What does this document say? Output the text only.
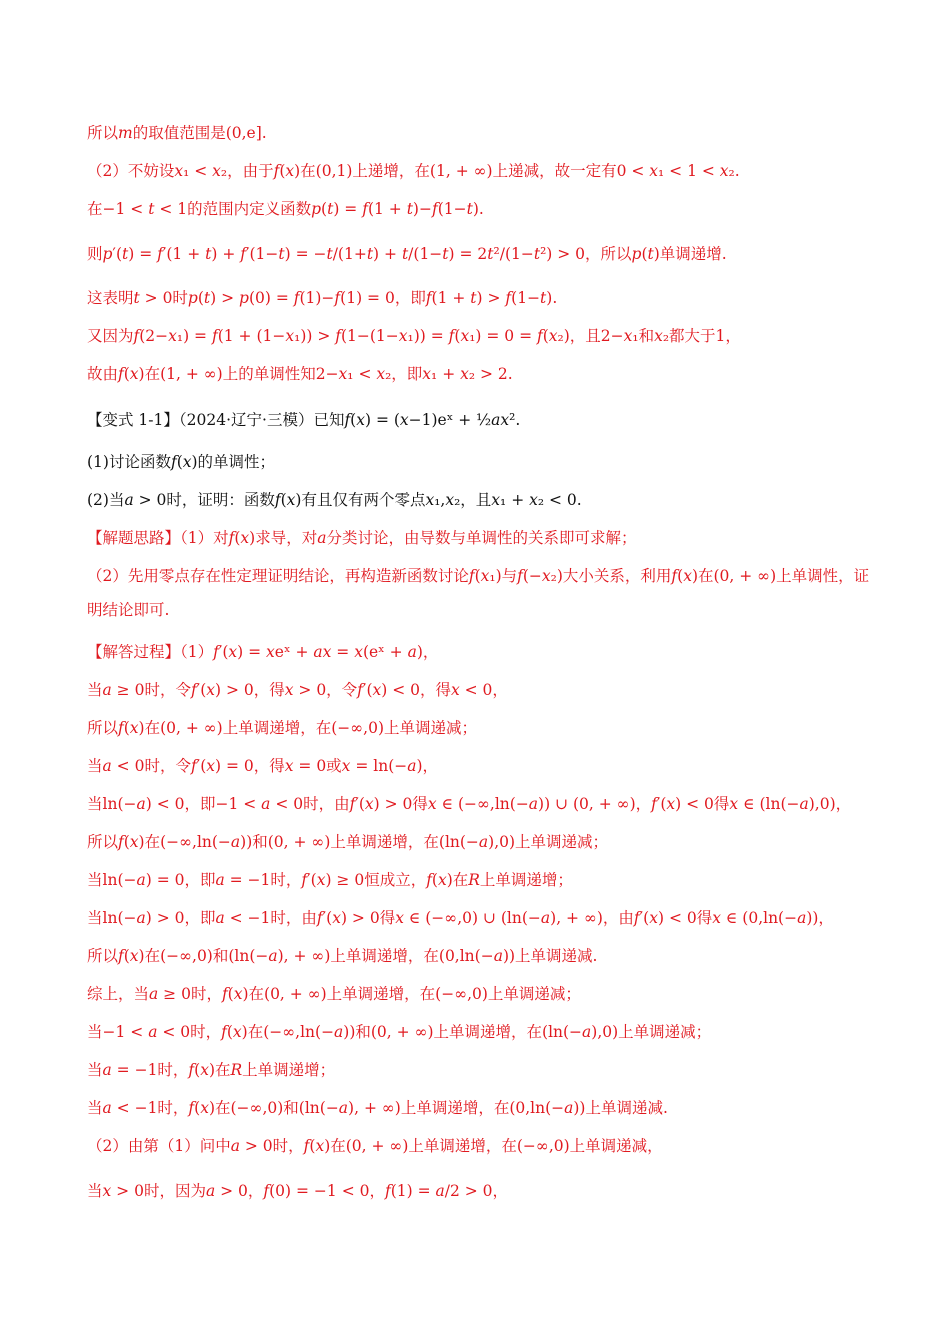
所以𝑚的取值范围是(0,e].
（2）不妨设𝑥₁ < 𝑥₂，由于𝑓(𝑥)在(0,1)上递增，在(1, + ∞)上递减，故一定有0 < 𝑥₁ < 1 < 𝑥₂.
在−1 < 𝑡 < 1的范围内定义函数𝑝(𝑡) = 𝑓(1 + 𝑡)−𝑓(1−𝑡).
则𝑝′(𝑡) = 𝑓′(1 + 𝑡) + 𝑓′(1−𝑡) = −𝑡/(1+𝑡) + 𝑡/(1−𝑡) = 2𝑡²/(1−𝑡²) > 0，所以𝑝(𝑡)单调递增.
这表明𝑡 > 0时𝑝(𝑡) > 𝑝(0) = 𝑓(1)−𝑓(1) = 0，即𝑓(1 + 𝑡) > 𝑓(1−𝑡).
又因为𝑓(2−𝑥₁) = 𝑓(1 + (1−𝑥₁)) > 𝑓(1−(1−𝑥₁)) = 𝑓(𝑥₁) = 0 = 𝑓(𝑥₂)，且2−𝑥₁和𝑥₂都大于1，
故由𝑓(𝑥)在(1, + ∞)上的单调性知2−𝑥₁ < 𝑥₂，即𝑥₁ + 𝑥₂ > 2.
【变式 1-1】（2024·辽宁·三模）已知𝑓(𝑥) = (𝑥−1)eˣ + ½𝑎𝑥².
(1)讨论函数𝑓(𝑥)的单调性；
(2)当𝑎 > 0时，证明：函数𝑓(𝑥)有且仅有两个零点𝑥₁,𝑥₂，且𝑥₁ + 𝑥₂ < 0.
【解题思路】（1）对𝑓(𝑥)求导，对𝑎分类讨论，由导数与单调性的关系即可求解；
（2）先用零点存在性定理证明结论，再构造新函数讨论𝑓(𝑥₁)与𝑓(−𝑥₂)大小关系，利用𝑓(𝑥)在(0, + ∞)上单调性，证明结论即可.
【解答过程】（1）𝑓′(𝑥) = 𝑥eˣ + 𝑎𝑥 = 𝑥(eˣ + 𝑎)，
当𝑎 ≥ 0时，令𝑓′(𝑥) > 0，得𝑥 > 0，令𝑓′(𝑥) < 0，得𝑥 < 0，
所以𝑓(𝑥)在(0, + ∞)上单调递增，在(−∞,0)上单调递减；
当𝑎 < 0时，令𝑓′(𝑥) = 0，得𝑥 = 0或𝑥 = ln(−𝑎)，
当ln(−𝑎) < 0，即−1 < 𝑎 < 0时，由𝑓′(𝑥) > 0得𝑥 ∈ (−∞,ln(−𝑎)) ∪ (0, + ∞)，𝑓′(𝑥) < 0得𝑥 ∈ (ln(−𝑎),0)，
所以𝑓(𝑥)在(−∞,ln(−𝑎))和(0, + ∞)上单调递增，在(ln(−𝑎),0)上单调递减；
当ln(−𝑎) = 0，即𝑎 = −1时，𝑓′(𝑥) ≥ 0恒成立，𝑓(𝑥)在𝑅上单调递增；
当ln(−𝑎) > 0，即𝑎 < −1时，由𝑓′(𝑥) > 0得𝑥 ∈ (−∞,0) ∪ (ln(−𝑎), + ∞)，由𝑓′(𝑥) < 0得𝑥 ∈ (0,ln(−𝑎))，
所以𝑓(𝑥)在(−∞,0)和(ln(−𝑎), + ∞)上单调递增，在(0,ln(−𝑎))上单调递减.
综上，当𝑎 ≥ 0时，𝑓(𝑥)在(0, + ∞)上单调递增，在(−∞,0)上单调递减；
当−1 < 𝑎 < 0时，𝑓(𝑥)在(−∞,ln(−𝑎))和(0, + ∞)上单调递增，在(ln(−𝑎),0)上单调递减；
当𝑎 = −1时，𝑓(𝑥)在𝑅上单调递增；
当𝑎 < −1时，𝑓(𝑥)在(−∞,0)和(ln(−𝑎), + ∞)上单调递增，在(0,ln(−𝑎))上单调递减.
（2）由第（1）问中𝑎 > 0时，𝑓(𝑥)在(0, + ∞)上单调递增，在(−∞,0)上单调递减，
当𝑥 > 0时，因为𝑎 > 0，𝑓(0) = −1 < 0，𝑓(1) = 𝑎/2 > 0，
